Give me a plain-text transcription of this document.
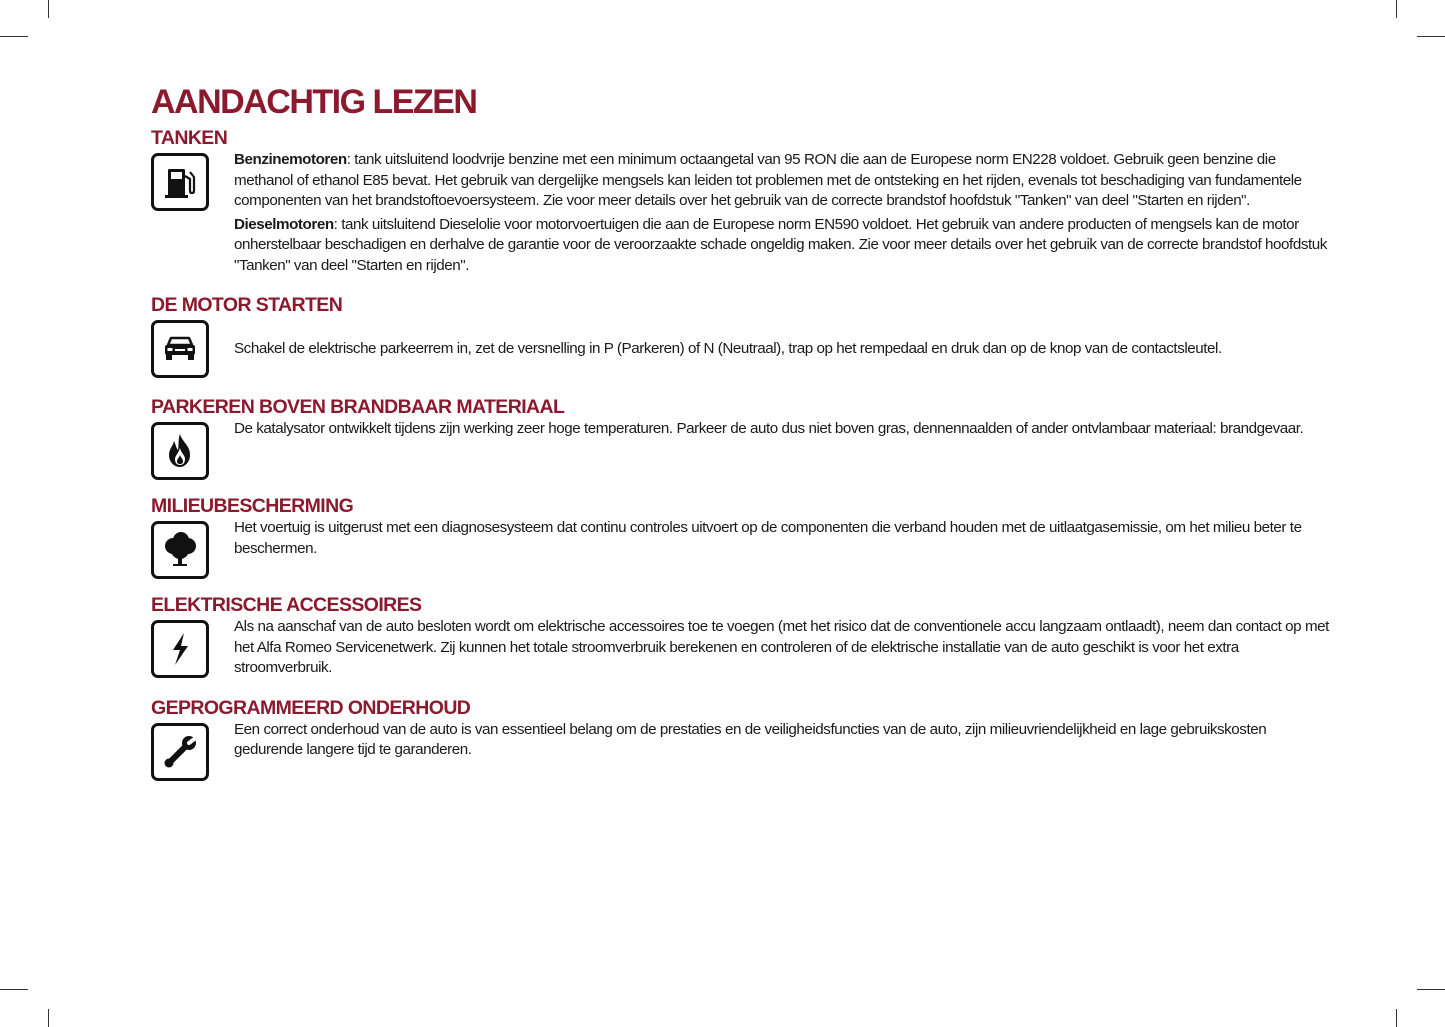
AANDACHTIG LEZEN
TANKEN

Benzinemotoren: tank uitsluitend loodvrije benzine met een minimum octaangetal van 95 RON die aan de Europese norm EN228 voldoet. Gebruik geen benzine die methanol of ethanol E85 bevat. Het gebruik van dergelijke mengsels kan leiden tot problemen met de ontsteking en het rijden, evenals tot beschadiging van fundamentele componenten van het brandstoftoevoersysteem. Zie voor meer details over het gebruik van de correcte brandstof hoofdstuk "Tanken" van deel "Starten en rijden".

Dieselmotoren: tank uitsluitend Dieselolie voor motorvoertuigen die aan de Europese norm EN590 voldoet. Het gebruik van andere producten of mengsels kan de motor onherstelbaar beschadigen en derhalve de garantie voor de veroorzaakte schade ongeldig maken. Zie voor meer details over het gebruik van de correcte brandstof hoofdstuk "Tanken" van deel "Starten en rijden".

DE MOTOR STARTEN

Schakel de elektrische parkeerrem in, zet de versnelling in P (Parkeren) of N (Neutraal), trap op het rempedaal en druk dan op de knop van de contactsleutel.

PARKEREN BOVEN BRANDBAAR MATERIAAL

De katalysator ontwikkelt tijdens zijn werking zeer hoge temperaturen. Parkeer de auto dus niet boven gras, dennennaalden of ander ontvlambaar materiaal: brandgevaar.

MILIEUBESCHERMING

Het voertuig is uitgerust met een diagnosesysteem dat continu controles uitvoert op de componenten die verband houden met de uitlaatgasemissie, om het milieu beter te beschermen.

ELEKTRISCHE ACCESSOIRES

Als na aanschaf van de auto besloten wordt om elektrische accessoires toe te voegen (met het risico dat de conventionele accu langzaam ontlaadt), neem dan contact op met het Alfa Romeo Servicenetwerk. Zij kunnen het totale stroomverbruik berekenen en controleren of de elektrische installatie van de auto geschikt is voor het extra stroomverbruik.

GEPROGRAMMEERD ONDERHOUD

Een correct onderhoud van de auto is van essentieel belang om de prestaties en de veiligheidsfuncties van de auto, zijn milieuvriendelijkheid en lage gebruikskosten gedurende langere tijd te garanderen.
